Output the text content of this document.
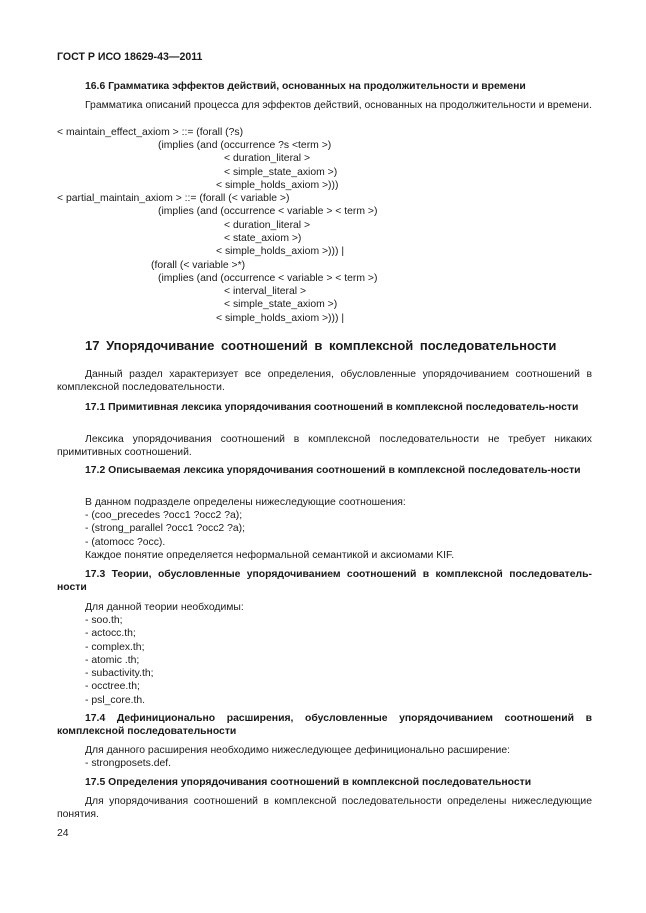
ГОСТ Р ИСО 18629-43—2011
16.6 Грамматика эффектов действий, основанных на продолжительности и времени
Грамматика описаний процесса для эффектов действий, основанных на продолжительности и времени.
< maintain_effect_axiom > ::= (forall (?s)
(implies (and (occurrence ?s <term >)
< duration_literal >
< simple_state_axiom >)
< simple_holds_axiom >)))
< partial_maintain_axiom > ::= (forall (< variable >)
(implies (and (occurrence < variable > < term >)
< duration_literal >
< state_axiom >)
< simple_holds_axiom >))) |
(forall (< variable >*)
(implies (and (occurrence < variable > < term >)
< interval_literal >
< simple_state_axiom >)
< simple_holds_axiom >))) |
17 Упорядочивание соотношений в комплексной последовательности
Данный раздел характеризует все определения, обусловленные упорядочиванием соотношений в комплексной последовательности.
17.1 Примитивная лексика упорядочивания соотношений в комплексной последователь-ности
Лексика упорядочивания соотношений в комплексной последовательности не требует никаких примитивных соотношений.
17.2 Описываемая лексика упорядочивания соотношений в комплексной последователь-ности
В данном подразделе определены нижеследующие соотношения:
- (coo_precedes ?occ1 ?occ2 ?a);
- (strong_parallel ?occ1 ?occ2 ?a);
- (atomocc ?occ).
Каждое понятие определяется неформальной семантикой и аксиомами KIF.
17.3 Теории, обусловленные упорядочиванием соотношений в комплексной последователь-ности
Для данной теории необходимы:
- soo.th;
- actocc.th;
- complex.th;
- atomic .th;
- subactivity.th;
- occtree.th;
- psl_core.th.
17.4 Дефиниционально расширения, обусловленные упорядочиванием соотношений в комплексной последовательности
Для данного расширения необходимо нижеследующее дефиниционально расширение:
- strongposets.def.
17.5 Определения упорядочивания соотношений в комплексной последовательности
Для упорядочивания соотношений в комплексной последовательности определены нижеследующие понятия.
24
